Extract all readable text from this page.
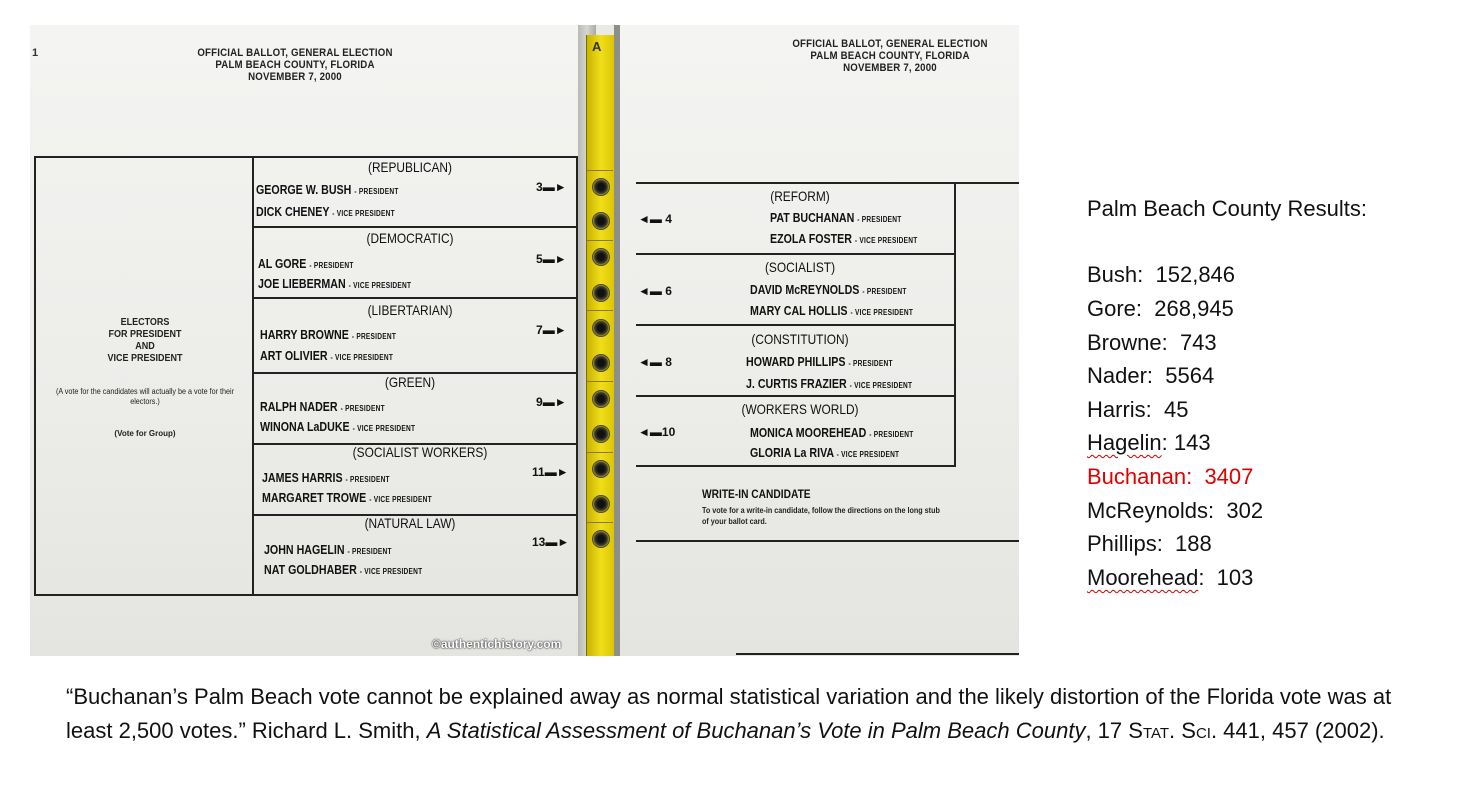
1	OFFICIAL BALLOT, GENERAL ELECTION
PALM BEACH COUNTY, FLORIDA
NOVEMBER 7, 2000
OFFICIAL BALLOT, GENERAL ELECTION
PALM BEACH COUNTY, FLORIDA
NOVEMBER 7, 2000
ELECTORS
FOR PRESIDENT
AND
VICE PRESIDENT
(A vote for the candidates will actually be a vote for their electors.)
(Vote for Group)
(REPUBLICAN)
GEORGE W. BUSH - PRESIDENT
DICK CHENEY - VICE PRESIDENT
3▬►
(DEMOCRATIC)
AL GORE - PRESIDENT
JOE LIEBERMAN - VICE PRESIDENT
5▬►
(LIBERTARIAN)
HARRY BROWNE - PRESIDENT
ART OLIVIER - VICE PRESIDENT
7▬►
(GREEN)
RALPH NADER - PRESIDENT
WINONA LaDUKE - VICE PRESIDENT
9▬►
(SOCIALIST WORKERS)
JAMES HARRIS - PRESIDENT
MARGARET TROWE - VICE PRESIDENT
11▬►
(NATURAL LAW)
JOHN HAGELIN - PRESIDENT
NAT GOLDHABER - VICE PRESIDENT
13▬►
(REFORM)
PAT BUCHANAN - PRESIDENT
EZOLA FOSTER - VICE PRESIDENT
◄▬ 4
(SOCIALIST)
DAVID McREYNOLDS - PRESIDENT
MARY CAL HOLLIS - VICE PRESIDENT
◄▬ 6
(CONSTITUTION)
HOWARD PHILLIPS - PRESIDENT
J. CURTIS FRAZIER - VICE PRESIDENT
◄▬ 8
(WORKERS WORLD)
MONICA MOOREHEAD - PRESIDENT
GLORIA La RIVA - VICE PRESIDENT
◄▬10
WRITE-IN CANDIDATE
To vote for a write-in candidate, follow the directions on the long stub of your ballot card.
A
©authentichistory.com
Palm Beach County Results:
Bush:  152,846
Gore:  268,945
Browne:  743
Nader:  5564
Harris:  45
Hagelin: 143
Buchanan:  3407
McReynolds:  302
Phillips:  188
Moorehead:  103
“Buchanan’s Palm Beach vote cannot be explained away as normal statistical variation and the likely distortion of the Florida vote was at least 2,500 votes.” Richard L. Smith, A Statistical Assessment of Buchanan’s Vote in Palm Beach County, 17 Stat. Sci. 441, 457 (2002).
